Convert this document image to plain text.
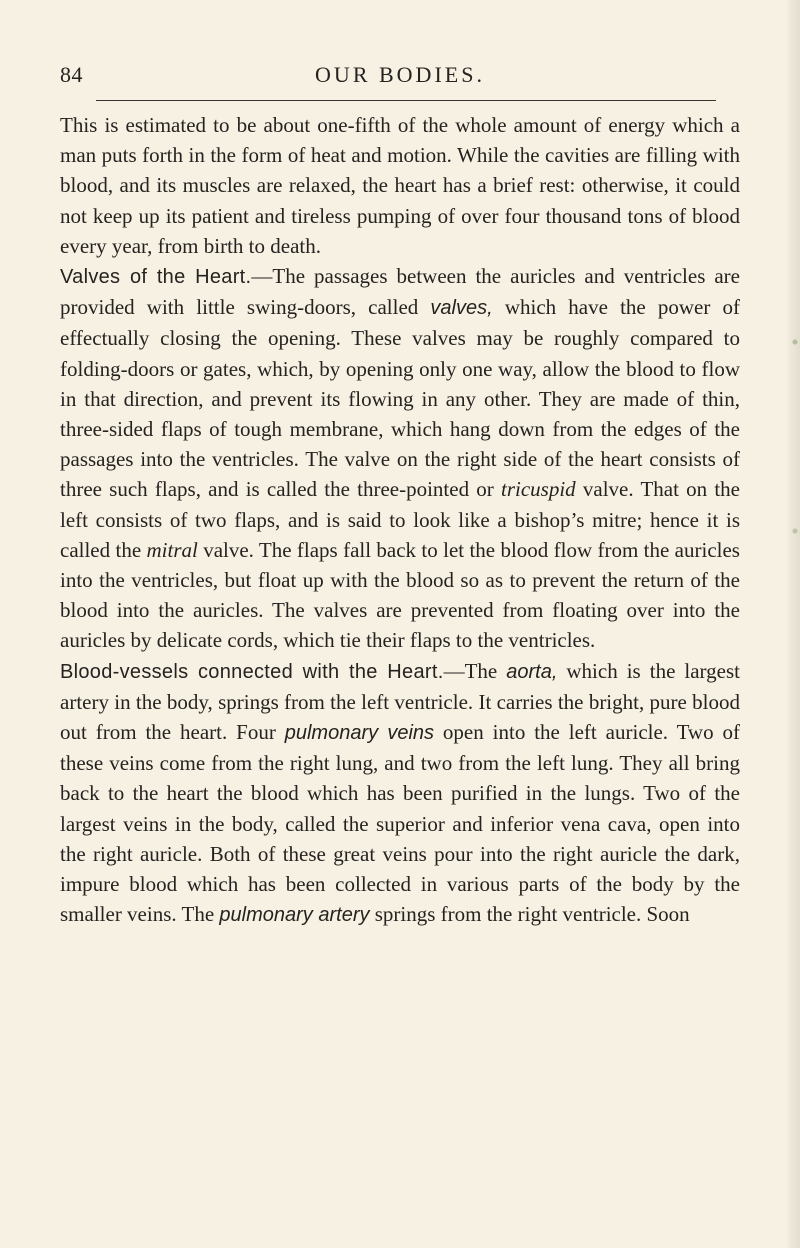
84	OUR BODIES.

This is estimated to be about one-fifth of the whole amount of energy which a man puts forth in the form of heat and motion. While the cavities are filling with blood, and its muscles are relaxed, the heart has a brief rest: otherwise, it could not keep up its patient and tireless pumping of over four thousand tons of blood every year, from birth to death.

Valves of the Heart.—The passages between the auricles and ventricles are provided with little swing-doors, called valves, which have the power of effectually closing the opening. These valves may be roughly compared to folding-doors or gates, which, by opening only one way, allow the blood to flow in that direction, and prevent its flowing in any other. They are made of thin, three-sided flaps of tough membrane, which hang down from the edges of the passages into the ventricles. The valve on the right side of the heart consists of three such flaps, and is called the three-pointed or tricuspid valve. That on the left consists of two flaps, and is said to look like a bishop’s mitre; hence it is called the mitral valve. The flaps fall back to let the blood flow from the auricles into the ventricles, but float up with the blood so as to prevent the return of the blood into the auricles. The valves are prevented from floating over into the auricles by delicate cords, which tie their flaps to the ventricles.

Blood-vessels connected with the Heart.—The aorta, which is the largest artery in the body, springs from the left ventricle. It carries the bright, pure blood out from the heart. Four pulmonary veins open into the left auricle. Two of these veins come from the right lung, and two from the left lung. They all bring back to the heart the blood which has been purified in the lungs. Two of the largest veins in the body, called the superior and inferior vena cava, open into the right auricle. Both of these great veins pour into the right auricle the dark, impure blood which has been collected in various parts of the body by the smaller veins. The pulmonary artery springs from the right ventricle. Soon
